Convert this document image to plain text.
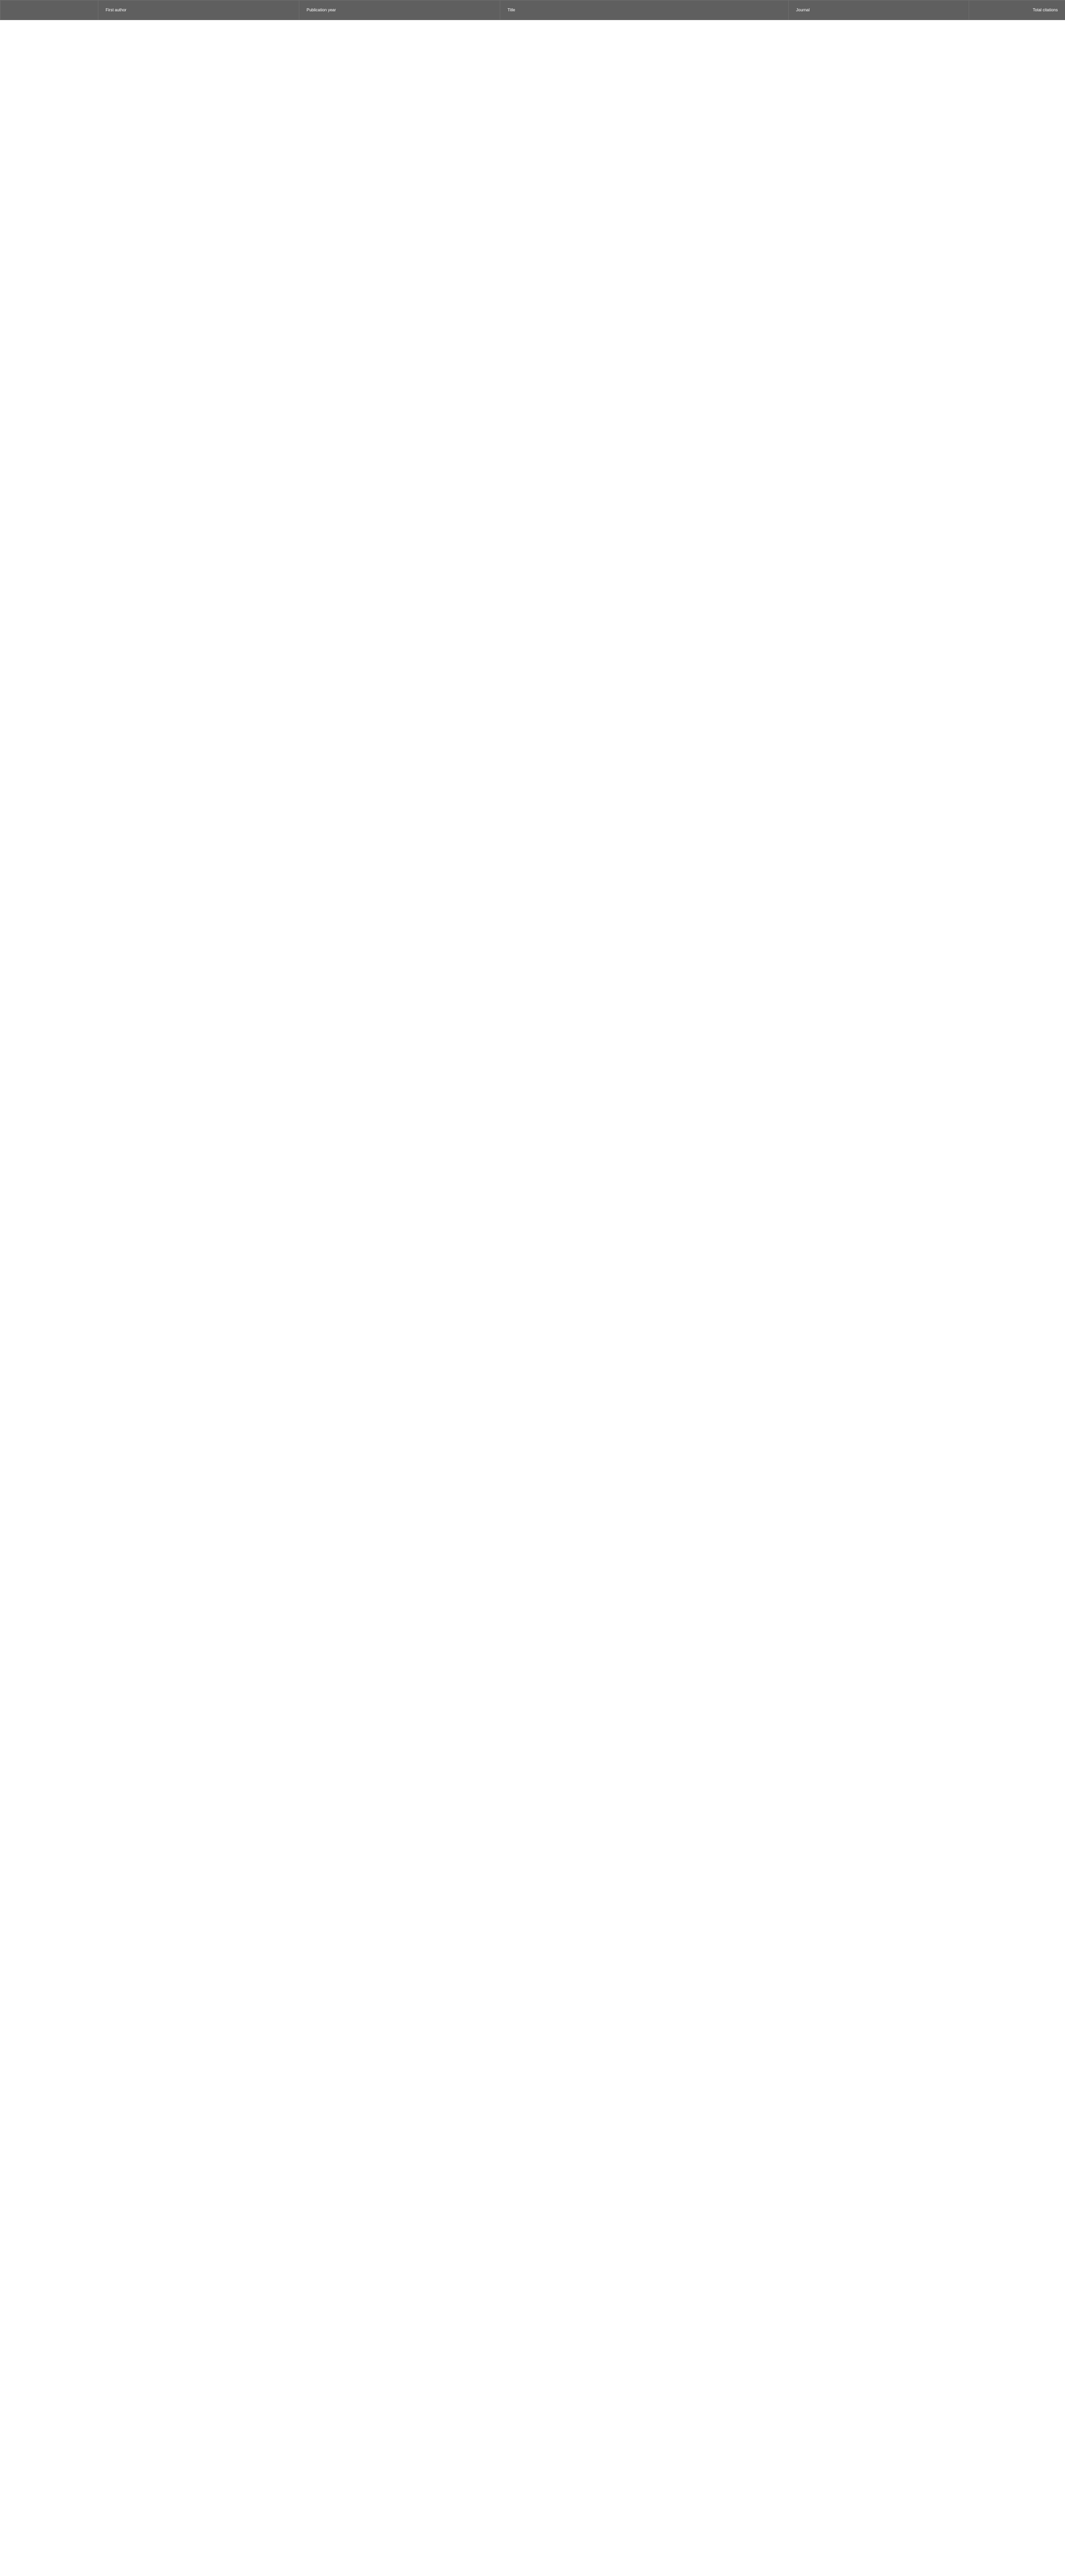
	First author	Publication year	Title	Journal	Total citations
